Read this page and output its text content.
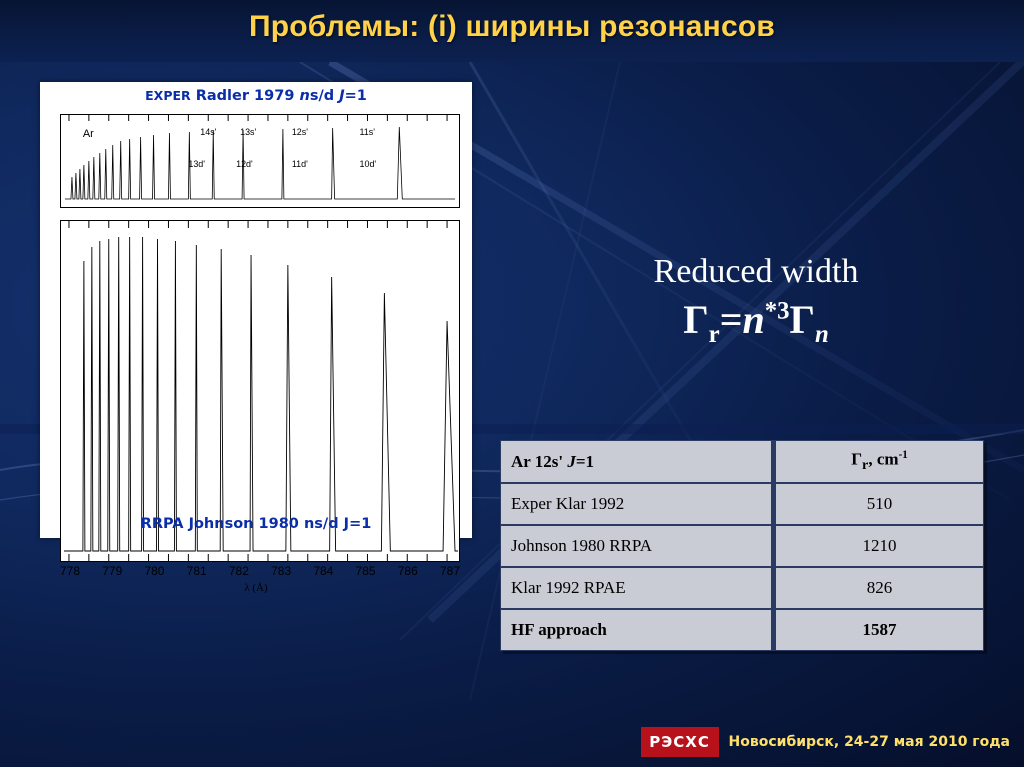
Проблемы: (i) ширины резонансов
EXPER Radler 1979 ns/d J=1
Ar	14s'	13s'	12s'	11s'
13d'	12d'	11d'	10d'
778 779 780 781 782 783 784 785 786 787
λ (Å)
RRPA Johnson 1980 ns/d J=1
Reduced width
$\Gamma_r=n^{*3}\Gamma_n$
Ar 12s' J=1	$\Gamma_r$, $cm^{-1}$
Exper Klar 1992	510
Johnson 1980 RRPA	1210
Klar 1992 RPAE	826
HF approach	1587
РЭСХС	Новосибирск, 24-27 мая 2010 года
